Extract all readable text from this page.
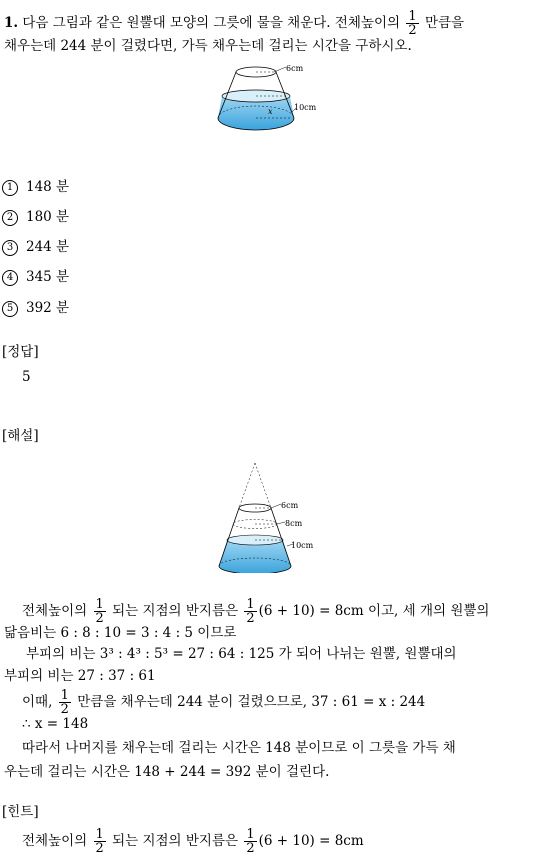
1. 다음 그림과 같은 원뿔대 모양의 그릇에 물을 채운다. 전체높이의 $\frac{1}{2}$ 만큼을
채우는데 244 분이 걸렸다면, 가득 채우는데 걸리는 시간을 구하시오.
6cm
10cm
x
1 148 분
2 180 분
3 244 분
4 345 분
5 392 분
[정답]
5
[해설]
6cm
8cm
10cm
전체높이의 $\frac{1}{2}$ 되는 지점의 반지름은 $\frac{1}{2} (6 + 10) = 8cm$ 이고, 세 개의 원뿔의
닮음비는 6 : 8 : 10 = 3 : 4 : 5 이므로
부피의 비는 3³ : 4³ : 5³ = 27 : 64 : 125 가 되어 나뉘는 원뿔, 원뿔대의
부피의 비는 27 : 37 : 61
이때, $\frac{1}{2}$ 만큼을 채우는데 244 분이 걸렸으므로, 37 : 61 = x : 244
∴ x = 148
따라서 나머지를 채우는데 걸리는 시간은 148 분이므로 이 그릇을 가득 채
우는데 걸리는 시간은 148 + 244 = 392 분이 걸린다.
[힌트]
전체높이의 $\frac{1}{2}$ 되는 지점의 반지름은 $\frac{1}{2} (6 + 10) = 8cm$
